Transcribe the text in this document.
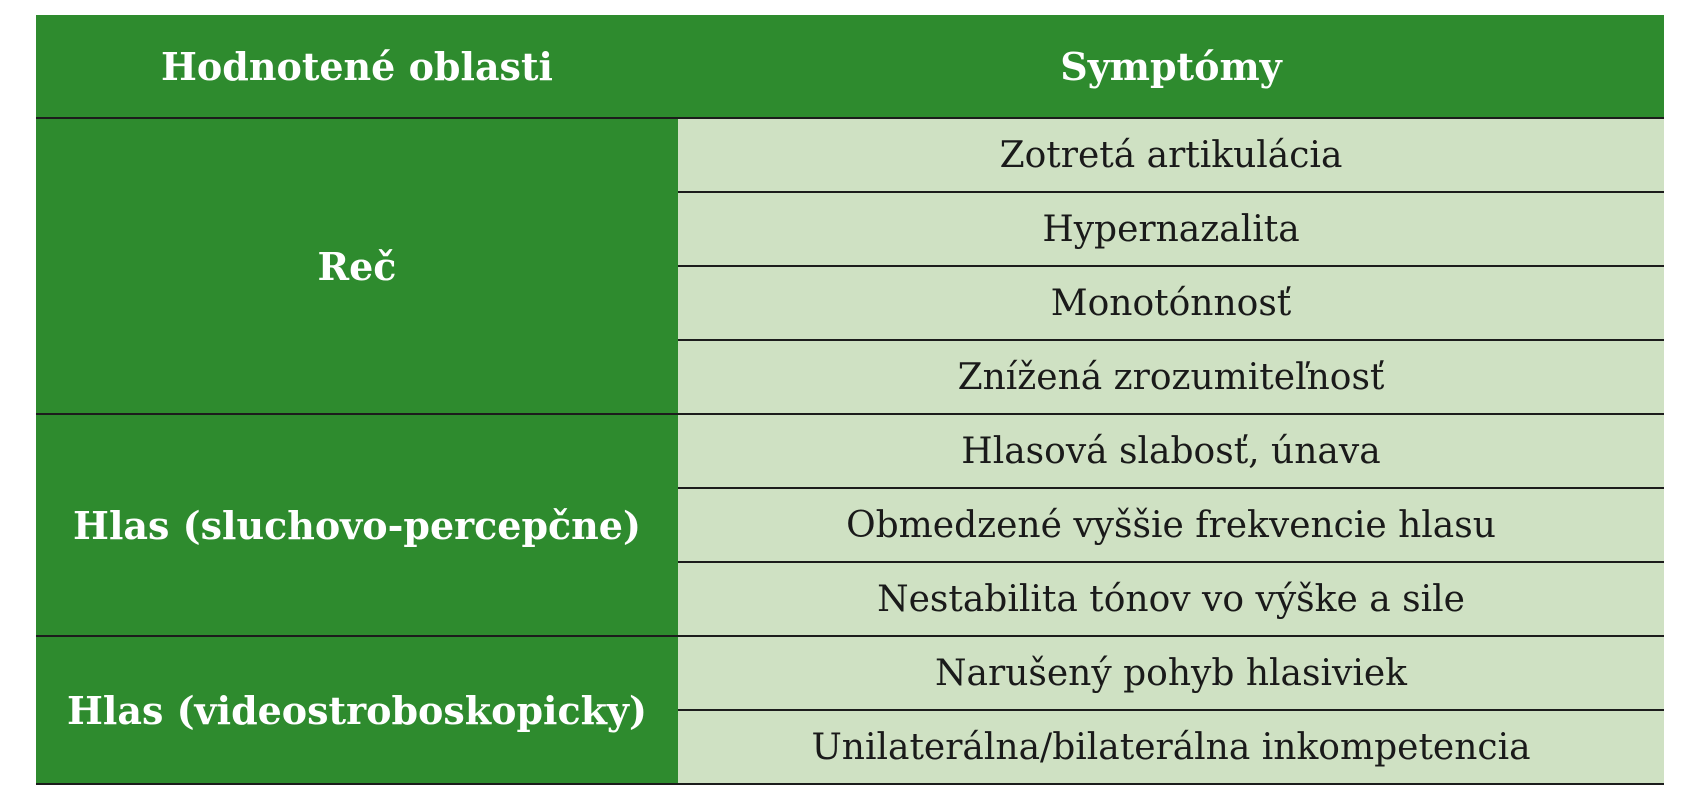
Hodnotené oblasti	Symptómy
Reč	Zotretá artikulácia
	Hypernazalita
	Monotónnosť
	Znížená zrozumiteľnosť
Hlas (sluchovo-percepčne)	Hlasová slabosť, únava
	Obmedzené vyššie frekvencie hlasu
	Nestabilita tónov vo výške a sile
Hlas (videostroboskopicky)	Narušený pohyb hlasiviek
	Unilaterálna/bilaterálna inkompetencia
